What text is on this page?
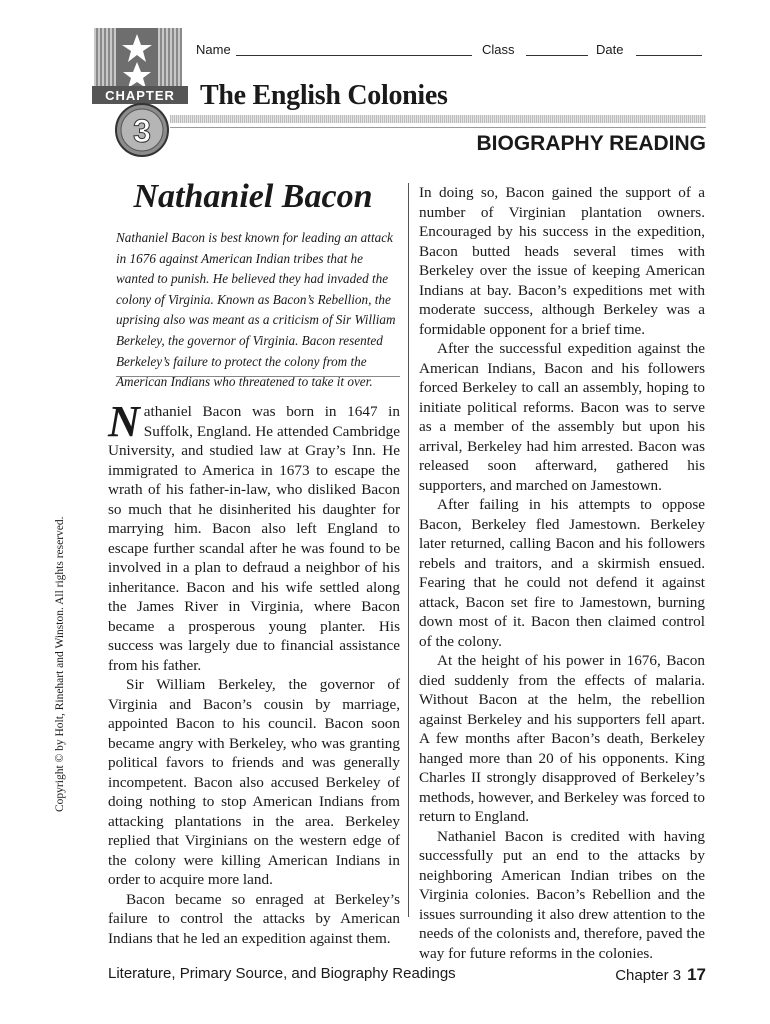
CHAPTER
3
Name	Class	Date
The English Colonies
BIOGRAPHY READING
Nathaniel Bacon

Nathaniel Bacon is best known for leading an attack in 1676 against American Indian tribes that he wanted to punish. He believed they had invaded the colony of Virginia. Known as Bacon’s Rebellion, the uprising also was meant as a criticism of Sir William Berkeley, the governor of Virginia. Bacon resented Berkeley’s failure to protect the colony from the American Indians who threatened to take it over.

Nathaniel Bacon was born in 1647 in Suffolk, England. He attended Cambridge University, and studied law at Gray’s Inn. He immigrated to America in 1673 to escape the wrath of his father-in-law, who disliked Bacon so much that he disinherited his daughter for marrying him. Bacon also left England to escape further scandal after he was found to be involved in a plan to defraud a neighbor of his inheritance. Bacon and his wife settled along the James River in Virginia, where Bacon became a prosperous young planter. His success was largely due to financial assistance from his father.

Sir William Berkeley, the governor of Virginia and Bacon’s cousin by marriage, appointed Bacon to his council. Bacon soon became angry with Berkeley, who was granting political favors to friends and was generally incompetent. Bacon also accused Berkeley of doing nothing to stop American Indians from attacking plantations in the area. Berkeley replied that Virginians on the western edge of the colony were killing American Indians in order to acquire more land.

Bacon became so enraged at Berkeley’s failure to control the attacks by American Indians that he led an expedition against them.

In doing so, Bacon gained the support of a number of Virginian plantation owners. Encouraged by his success in the expedition, Bacon butted heads several times with Berkeley over the issue of keeping American Indians at bay. Bacon’s expeditions met with moderate success, although Berkeley was a formidable opponent for a brief time.

After the successful expedition against the American Indians, Bacon and his followers forced Berkeley to call an assembly, hoping to initiate political reforms. Bacon was to serve as a member of the assembly but upon his arrival, Berkeley had him arrested. Bacon was released soon afterward, gathered his supporters, and marched on Jamestown.

After failing in his attempts to oppose Bacon, Berkeley fled Jamestown. Berkeley later returned, calling Bacon and his followers rebels and traitors, and a skirmish ensued. Fearing that he could not defend it against attack, Bacon set fire to Jamestown, burning down most of it. Bacon then claimed control of the colony.

At the height of his power in 1676, Bacon died suddenly from the effects of malaria. Without Bacon at the helm, the rebellion against Berkeley and his supporters fell apart. A few months after Bacon’s death, Berkeley hanged more than 20 of his opponents. King Charles II strongly disapproved of Berkeley’s methods, however, and Berkeley was forced to return to England.

Nathaniel Bacon is credited with having successfully put an end to the attacks by neighboring American Indian tribes on the Virginia colonies. Bacon’s Rebellion and the issues surrounding it also drew attention to the needs of the colonists and, therefore, paved the way for future reforms in the colonies.

Copyright © by Holt, Rinehart and Winston. All rights reserved.
Literature, Primary Source, and Biography Readings	Chapter 3 17
